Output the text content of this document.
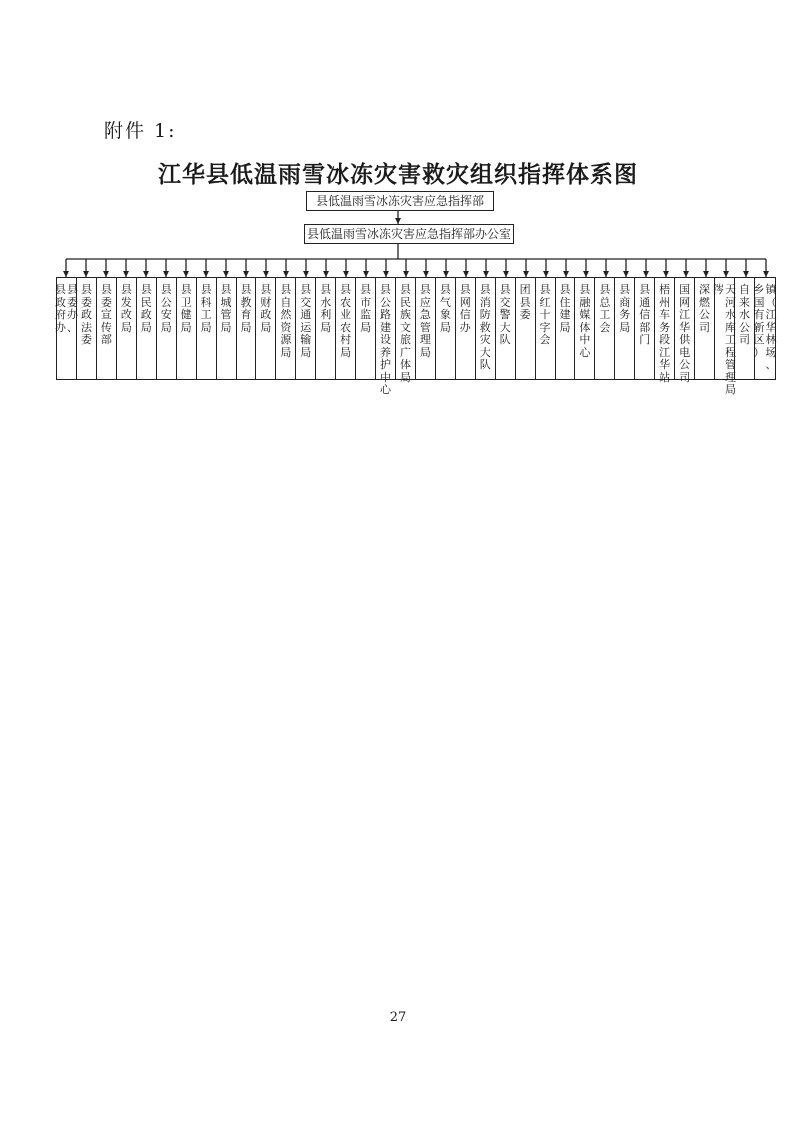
附件 1:
江华县低温雨雪冰冻灾害救灾组织指挥体系图
县低温雨雪冰冻灾害应急指挥部
县低温雨雪冰冻灾害应急指挥部办公室
县
委
办
、
县
政
府
办
县
委
政
法
委
县
委
宣
传
部
县
发
改
局
县
民
政
局
县
公
安
局
县
卫
健
局
县
科
工
局
县
城
管
局
县
教
育
局
县
财
政
局
县
自
然
资
源
局
县
交
通
运
输
局
县
水
利
局
县
农
业
农
村
局
县
市
监
局
县
公
路
建
设
养
护
中
心
县
民
族
文
旅
广
体
局
县
应
急
管
理
局
县
气
象
局
县
网
信
办
县
消
防
救
灾
大
队
县
交
警
大
队
团
县
委
县
红
十
字
会
县
住
建
局
县
融
媒
体
中
心
县
总
工
会
县
商
务
局
县
通
信
部
门
梧
州
车
务
段
江
华
站
国
网
江
华
供
电
公
司
深
燃
公
司
天
河
水
库
工
程
管
理
局
涔 自
来
水
公
司
镇
（
江
华
林
场
、
乡
国
有
新
区
）
27
